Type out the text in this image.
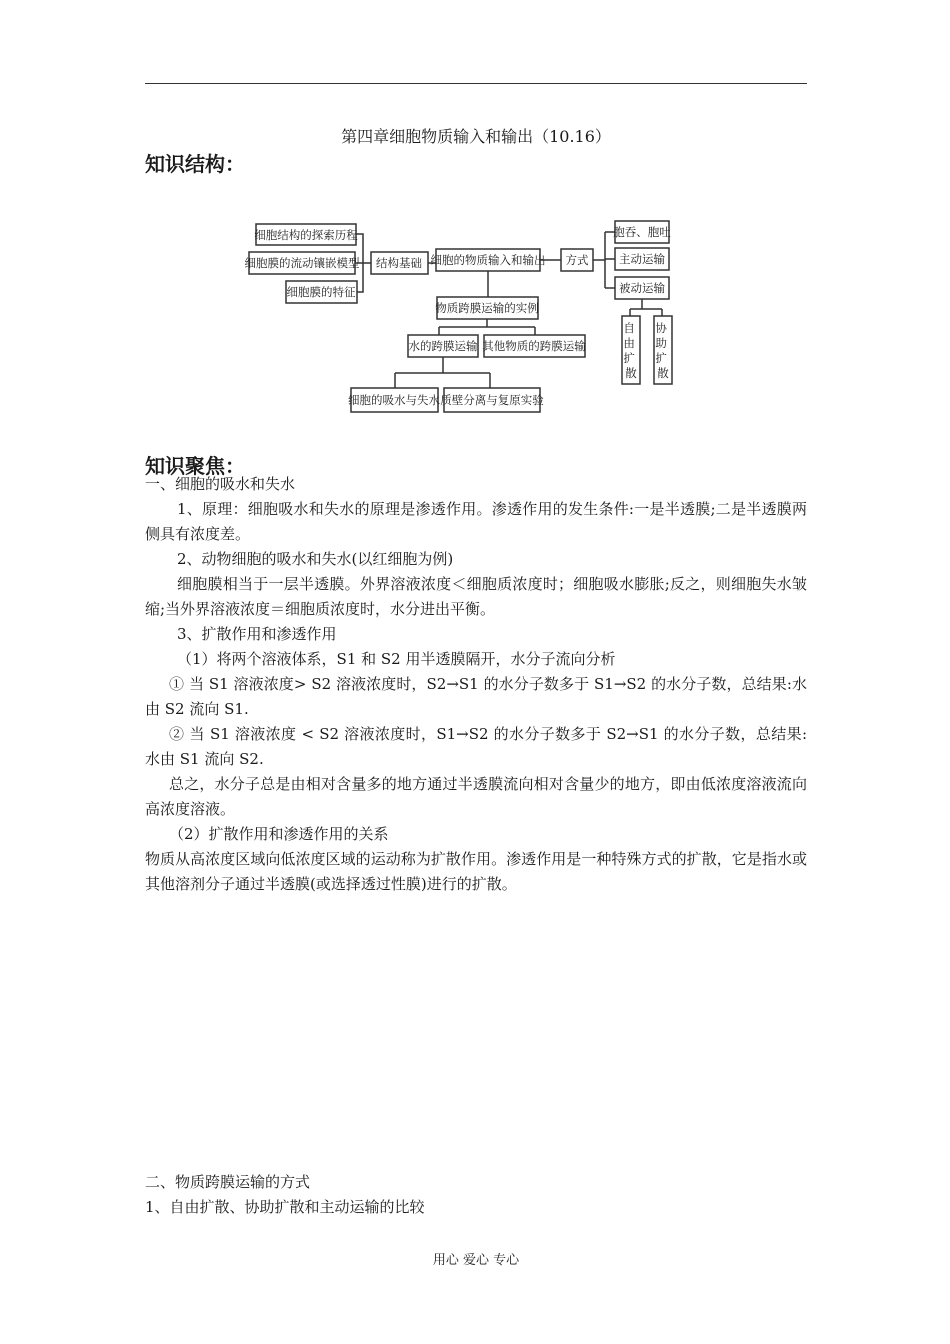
第四章细胞物质输入和输出（10.16）
知识结构：
细胞结构的探索历程
细胞膜的流动镶嵌模型
细胞膜的特征
结构基础 细胞的物质输入和输出 方式
胞吞、胞吐
主动运输
被动运输
自 由 扩 散
协 助 扩 散
物质跨膜运输的实例
水的跨膜运输 其他物质的跨膜运输
细胞的吸水与失水 质壁分离与复原实验
知识聚焦：
一、细胞的吸水和失水
1、原理：细胞吸水和失水的原理是渗透作用。渗透作用的发生条件:一是半透膜;二是半透膜两侧具有浓度差。
2、动物细胞的吸水和失水(以红细胞为例)
细胞膜相当于一层半透膜。外界溶液浓度＜细胞质浓度时；细胞吸水膨胀;反之，则细胞失水皱缩;当外界溶液浓度＝细胞质浓度时，水分进出平衡。
3、扩散作用和渗透作用
（1）将两个溶液体系，S1 和 S2 用半透膜隔开，水分子流向分析
① 当 S1 溶液浓度> S2 溶液浓度时，S2→S1 的水分子数多于 S1→S2 的水分子数，总结果:水由 S2 流向 S1.
② 当 S1 溶液浓度 < S2 溶液浓度时，S1→S2 的水分子数多于 S2→S1 的水分子数，总结果:水由 S1 流向 S2.
总之，水分子总是由相对含量多的地方通过半透膜流向相对含量少的地方，即由低浓度溶液流向高浓度溶液。
（2）扩散作用和渗透作用的关系
物质从高浓度区域向低浓度区域的运动称为扩散作用。渗透作用是一种特殊方式的扩散，它是指水或其他溶剂分子通过半透膜(或选择透过性膜)进行的扩散。
二、物质跨膜运输的方式
1、自由扩散、协助扩散和主动运输的比较
用心 爱心 专心
